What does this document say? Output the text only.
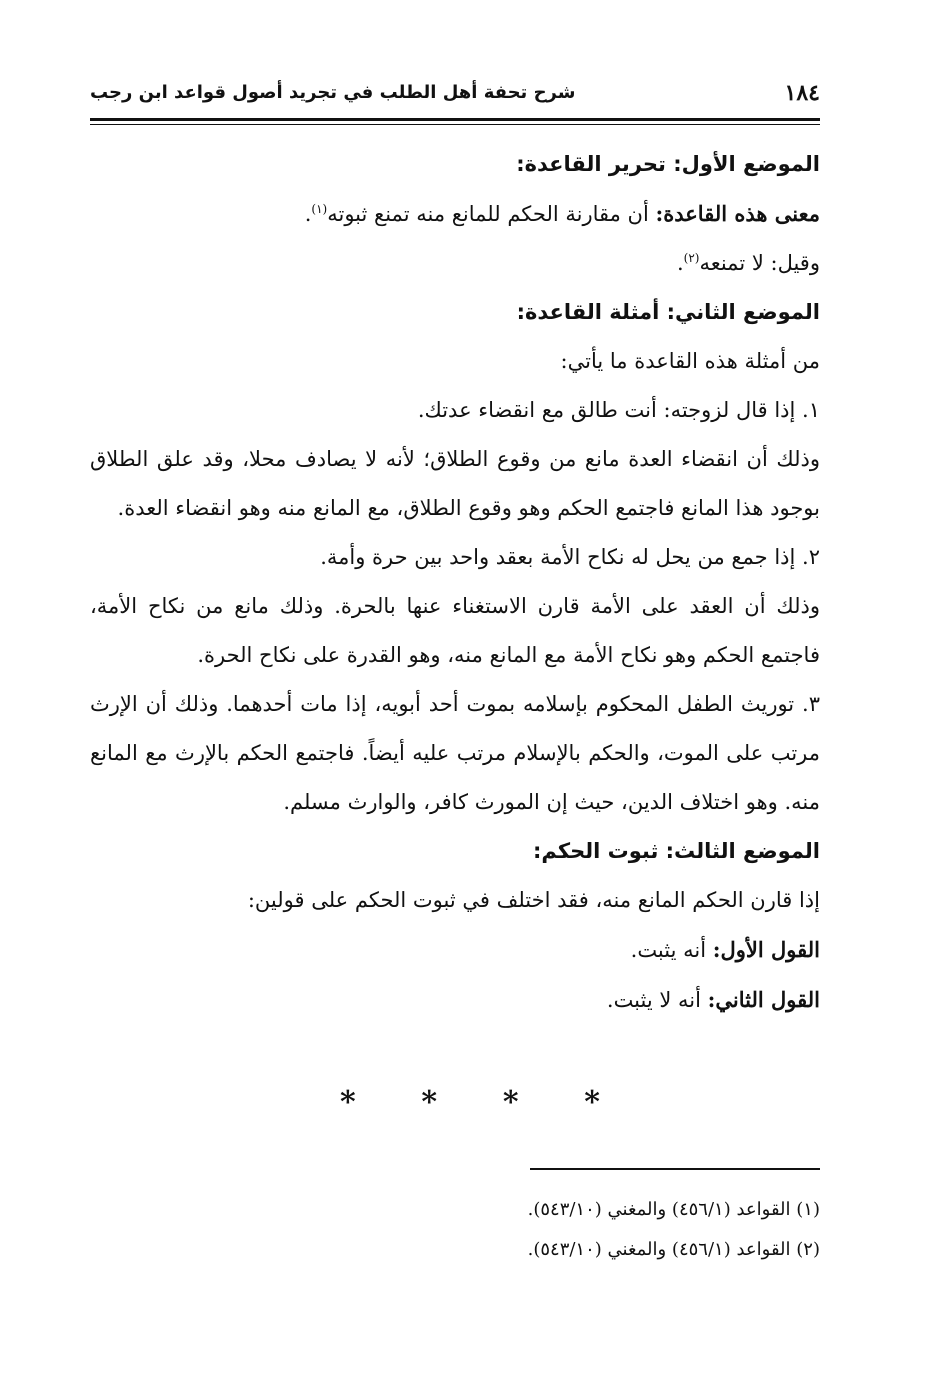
١٨٤
شرح تحفة أهل الطلب في تجريد أصول قواعد ابن رجب

الموضع الأول: تحرير القاعدة:

معنى هذه القاعدة: أن مقارنة الحكم للمانع منه تمنع ثبوته$^{(١)}$.

وقيل: لا تمنعه$^{(٢)}$.

الموضع الثاني: أمثلة القاعدة:

من أمثلة هذه القاعدة ما يأتي:

١. إذا قال لزوجته: أنت طالق مع انقضاء عدتك.

وذلك أن انقضاء العدة مانع من وقوع الطلاق؛ لأنه لا يصادف محلا، وقد علق الطلاق بوجود هذا المانع فاجتمع الحكم وهو وقوع الطلاق، مع المانع منه وهو انقضاء العدة.

٢. إذا جمع من يحل له نكاح الأمة بعقد واحد بين حرة وأمة.

وذلك أن العقد على الأمة قارن الاستغناء عنها بالحرة. وذلك مانع من نكاح الأمة، فاجتمع الحكم وهو نكاح الأمة مع المانع منه، وهو القدرة على نكاح الحرة.

٣. توريث الطفل المحكوم بإسلامه بموت أحد أبويه، إذا مات أحدهما. وذلك أن الإرث مرتب على الموت، والحكم بالإسلام مرتب عليه أيضاً. فاجتمع الحكم بالإرث مع المانع منه. وهو اختلاف الدين، حيث إن المورث كافر، والوارث مسلم.

الموضع الثالث: ثبوت الحكم:

إذا قارن الحكم المانع منه، فقد اختلف في ثبوت الحكم على قولين:

القول الأول: أنه يثبت.

القول الثاني: أنه لا يثبت.

* * * *

(١) القواعد (٤٥٦/١) والمغني (٥٤٣/١٠).

(٢) القواعد (٤٥٦/١) والمغني (٥٤٣/١٠).
